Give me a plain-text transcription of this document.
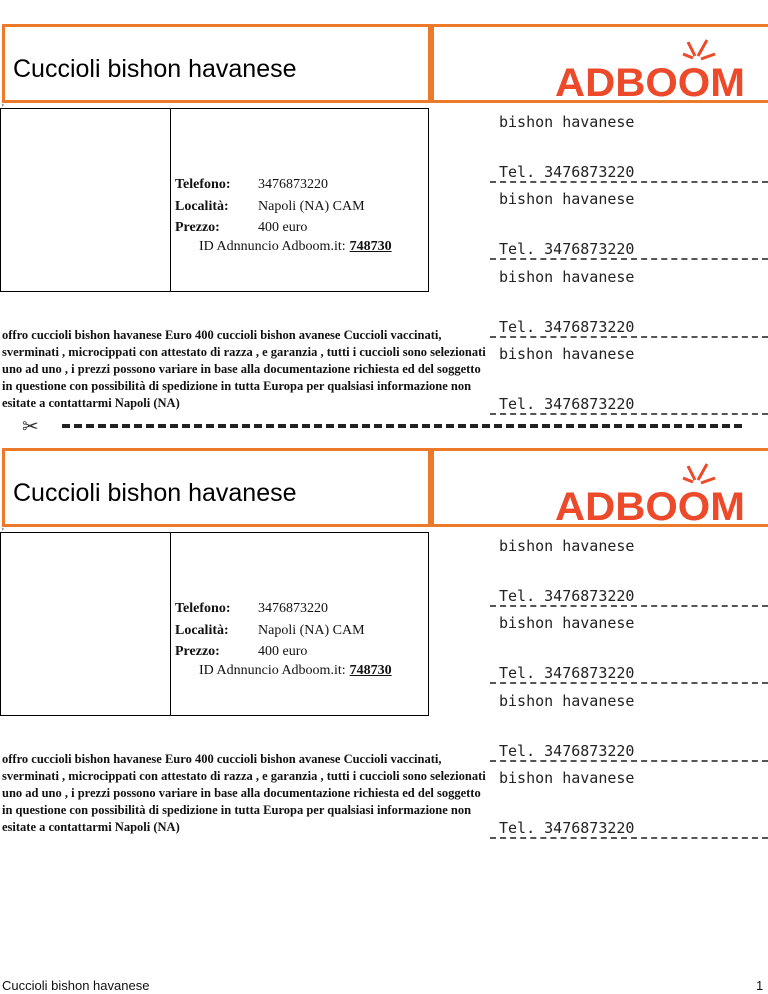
Cuccioli bishon havanese	ADBOOM
'
Telefono: 3476873220
Località: Napoli (NA) CAM
Prezzo:	400 euro
ID Adnnuncio Adboom.it: 748730
offro cuccioli bishon havanese Euro 400 cuccioli bishon avanese Cuccioli vaccinati, sverminati , microcippati con attestato di razza , e garanzia , tutti i cuccioli sono selezionati uno ad uno , i prezzi possono variare in base alla documentazione richiesta ed del soggetto in questione con possibilità di spedizione in tutta Europa per qualsiasi informazione non esitate a contattarmi Napoli (NA)
bishon havanese
Tel. 3476873220
bishon havanese
Tel. 3476873220
bishon havanese
Tel. 3476873220
bishon havanese
Tel. 3476873220
✂
Cuccioli bishon havanese	ADBOOM
'
Telefono: 3476873220
Località: Napoli (NA) CAM
Prezzo:	400 euro
ID Adnnuncio Adboom.it: 748730
offro cuccioli bishon havanese Euro 400 cuccioli bishon avanese Cuccioli vaccinati, sverminati , microcippati con attestato di razza , e garanzia , tutti i cuccioli sono selezionati uno ad uno , i prezzi possono variare in base alla documentazione richiesta ed del soggetto in questione con possibilità di spedizione in tutta Europa per qualsiasi informazione non esitate a contattarmi Napoli (NA)
bishon havanese
Tel. 3476873220
bishon havanese
Tel. 3476873220
bishon havanese
Tel. 3476873220
bishon havanese
Tel. 3476873220
Cuccioli bishon havanese	1
